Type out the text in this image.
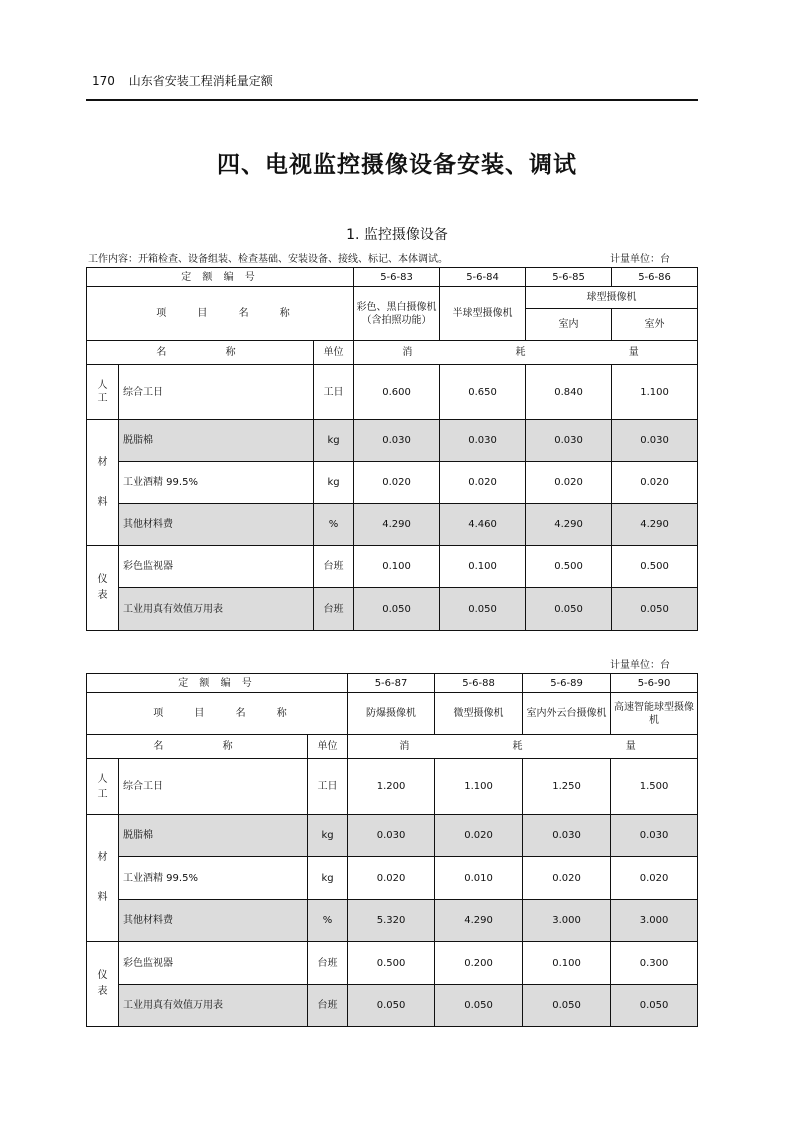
170 山东省安装工程消耗量定额
四、电视监控摄像设备安装、调试
1. 监控摄像设备
工作内容：开箱检查、设备组装、检查基础、安装设备、接线、标记、本体调试。	计量单位：台
定 额 编 号			5-6-83	5-6-84	5-6-85	5-6-86
项 目 名 称			彩色、黑白摄像机（含拍照功能）	半球型摄像机	球型摄像机	
					室内	室外
名 称		单位	消 耗 量			

人工	综合工日	工日	0.600	0.650	0.840	1.100
材
料	脱脂棉	kg	0.030	0.030	0.030	0.030
	工业酒精 99.5%	kg	0.020	0.020	0.020	0.020
	其他材料费	%	4.290	4.460	4.290	4.290

仪表	彩色监视器	台班	0.100	0.100	0.500	0.500
	工业用真有效值万用表	台班	0.050	0.050	0.050	0.050
计量单位：台
定 额 编 号			5-6-87	5-6-88	5-6-89	5-6-90
项 目 名 称			防爆摄像机	微型摄像机	室内外云台摄像机	高速智能球型摄像机
名 称		单位	消 耗 量			

人工	综合工日	工日	1.200	1.100	1.250	1.500
材
料	脱脂棉	kg	0.030	0.020	0.030	0.030
	工业酒精 99.5%	kg	0.020	0.010	0.020	0.020
	其他材料费	%	5.320	4.290	3.000	3.000

仪表	彩色监视器	台班	0.500	0.200	0.100	0.300
	工业用真有效值万用表	台班	0.050	0.050	0.050	0.050
